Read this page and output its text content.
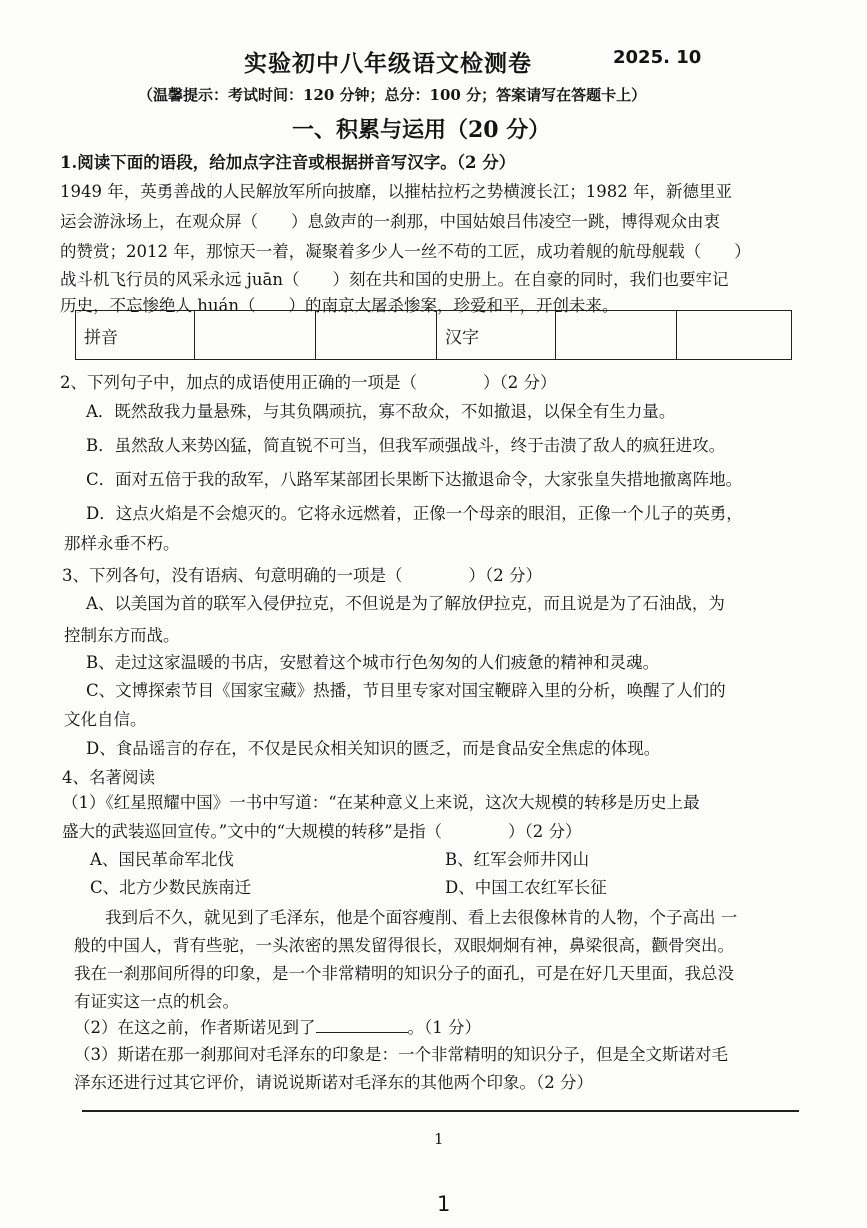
实验初中八年级语文检测卷	2025. 10
（温馨提示：考试时间：120 分钟；总分：100 分；答案请写在答题卡上）
一、积累与运用（20 分）
1.阅读下面的语段，给加点字注音或根据拼音写汉字。（2 分）
1949 年，英勇善战的人民解放军所向披靡，以摧枯拉朽之势横渡长江；1982 年，新德里亚
运会游泳场上，在观众屏（　　）息敛声的一刹那，中国姑娘吕伟凌空一跳，博得观众由衷
的赞赏；2012 年，那惊天一着，凝聚着多少人一丝不苟的工匠，成功着舰的航母舰载（　　）
战斗机飞行员的风采永远 juān（　　）刻在共和国的史册上。在自豪的同时，我们也要牢记
历史，不忘惨绝人 huán（　　）的南京大屠杀惨案，珍爱和平，开创未来。
拼音			汉字		
2、下列句子中，加点的成语使用正确的一项是（　　　　）（2 分）
A．既然敌我力量悬殊，与其负隅顽抗，寡不敌众，不如撤退，以保全有生力量。
B．虽然敌人来势凶猛，简直锐不可当，但我军顽强战斗，终于击溃了敌人的疯狂进攻。
C．面对五倍于我的敌军，八路军某部团长果断下达撤退命令，大家张皇失措地撤离阵地。
D．这点火焰是不会熄灭的。它将永远燃着，正像一个母亲的眼泪，正像一个儿子的英勇，
那样永垂不朽。
3、下列各句，没有语病、句意明确的一项是（　　　　）（2 分）
A、以美国为首的联军入侵伊拉克，不但说是为了解放伊拉克，而且说是为了石油战，为
控制东方而战。
B、走过这家温暖的书店，安慰着这个城市行色匆匆的人们疲惫的精神和灵魂。
C、文博探索节目《国家宝藏》热播，节目里专家对国宝鞭辟入里的分析，唤醒了人们的
文化自信。
D、食品谣言的存在，不仅是民众相关知识的匮乏，而是食品安全焦虑的体现。
4、名著阅读
（1）《红星照耀中国》一书中写道：“在某种意义上来说，这次大规模的转移是历史上最
盛大的武装巡回宣传。”文中的“大规模的转移”是指（　　　　）（2 分）
A、国民革命军北伐	B、红军会师井冈山
C、北方少数民族南迁	D、中国工农红军长征
我到后不久，就见到了毛泽东，他是个面容瘦削、看上去很像林肯的人物，个子高出 一
般的中国人，背有些驼，一头浓密的黑发留得很长，双眼炯炯有神，鼻梁很高，颧骨突出。
我在一刹那间所得的印象，是一个非常精明的知识分子的面孔，可是在好几天里面，我总没
有证实这一点的机会。
（2）在这之前，作者斯诺见到了	。（1 分）
（3）斯诺在那一刹那间对毛泽东的印象是：一个非常精明的知识分子，但是全文斯诺对毛
泽东还进行过其它评价，请说说斯诺对毛泽东的其他两个印象。（2 分）
1
1
